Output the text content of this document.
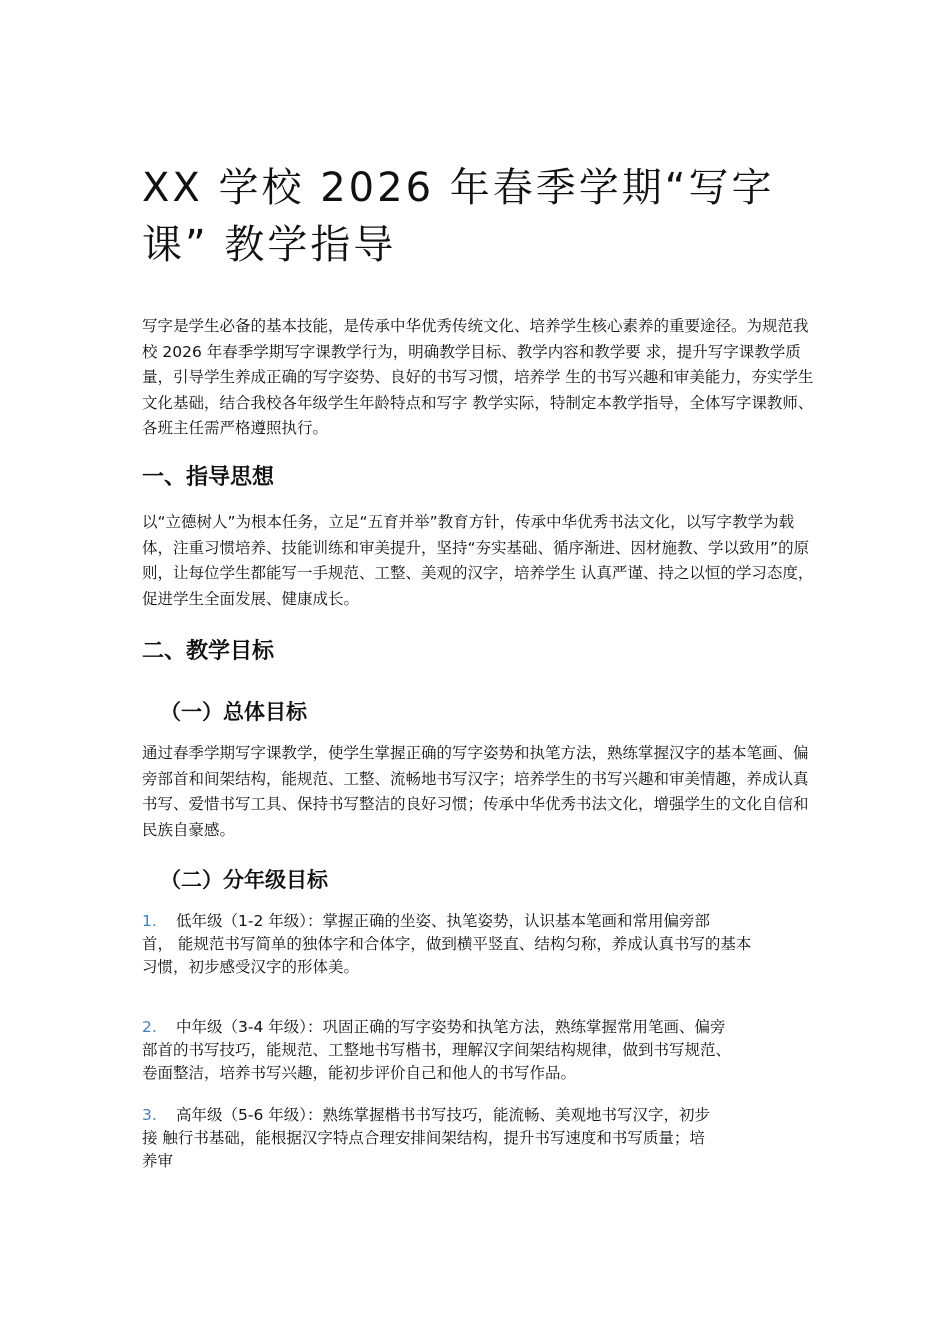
XX 学校 2026 年春季学期“写字
课” 教学指导

写字是学生必备的基本技能，是传承中华优秀传统文化、培养学生核心素养的重要途径。为规范我校 2026 年春季学期写字课教学行为，明确教学目标、教学内容和教学要 求，提升写字课教学质量，引导学生养成正确的写字姿势、良好的书写习惯，培养学 生的书写兴趣和审美能力，夯实学生文化基础，结合我校各年级学生年龄特点和写字 教学实际，特制定本教学指导，全体写字课教师、各班主任需严格遵照执行。

一、指导思想

以“立德树人”为根本任务，立足“五育并举”教育方针，传承中华优秀书法文化，以写字教学为载体，注重习惯培养、技能训练和审美提升，坚持“夯实基础、循序渐进、因材施教、学以致用”的原则，让每位学生都能写一手规范、工整、美观的汉字，培养学生 认真严谨、持之以恒的学习态度，促进学生全面发展、健康成长。

二、教学目标
（一）总体目标

通过春季学期写字课教学，使学生掌握正确的写字姿势和执笔方法，熟练掌握汉字的基本笔画、偏旁部首和间架结构，能规范、工整、流畅地书写汉字；培养学生的书写兴趣和审美情趣，养成认真书写、爱惜书写工具、保持书写整洁的良好习惯；传承中华优秀书法文化，增强学生的文化自信和民族自豪感。

（二）分年级目标
1. 低年级（1-2 年级）：掌握正确的坐姿、执笔姿势，认识基本笔画和常用偏旁部
首， 能规范书写简单的独体字和合体字，做到横平竖直、结构匀称，养成认真书写的基本
习惯，初步感受汉字的形体美。
2. 中年级（3-4 年级）：巩固正确的写字姿势和执笔方法，熟练掌握常用笔画、偏旁
部首的书写技巧，能规范、工整地书写楷书，理解汉字间架结构规律，做到书写规范、
卷面整洁，培养书写兴趣，能初步评价自己和他人的书写作品。
3. 高年级（5-6 年级）：熟练掌握楷书书写技巧，能流畅、美观地书写汉字，初步
接 触行书基础，能根据汉字特点合理安排间架结构，提升书写速度和书写质量；培
养审
